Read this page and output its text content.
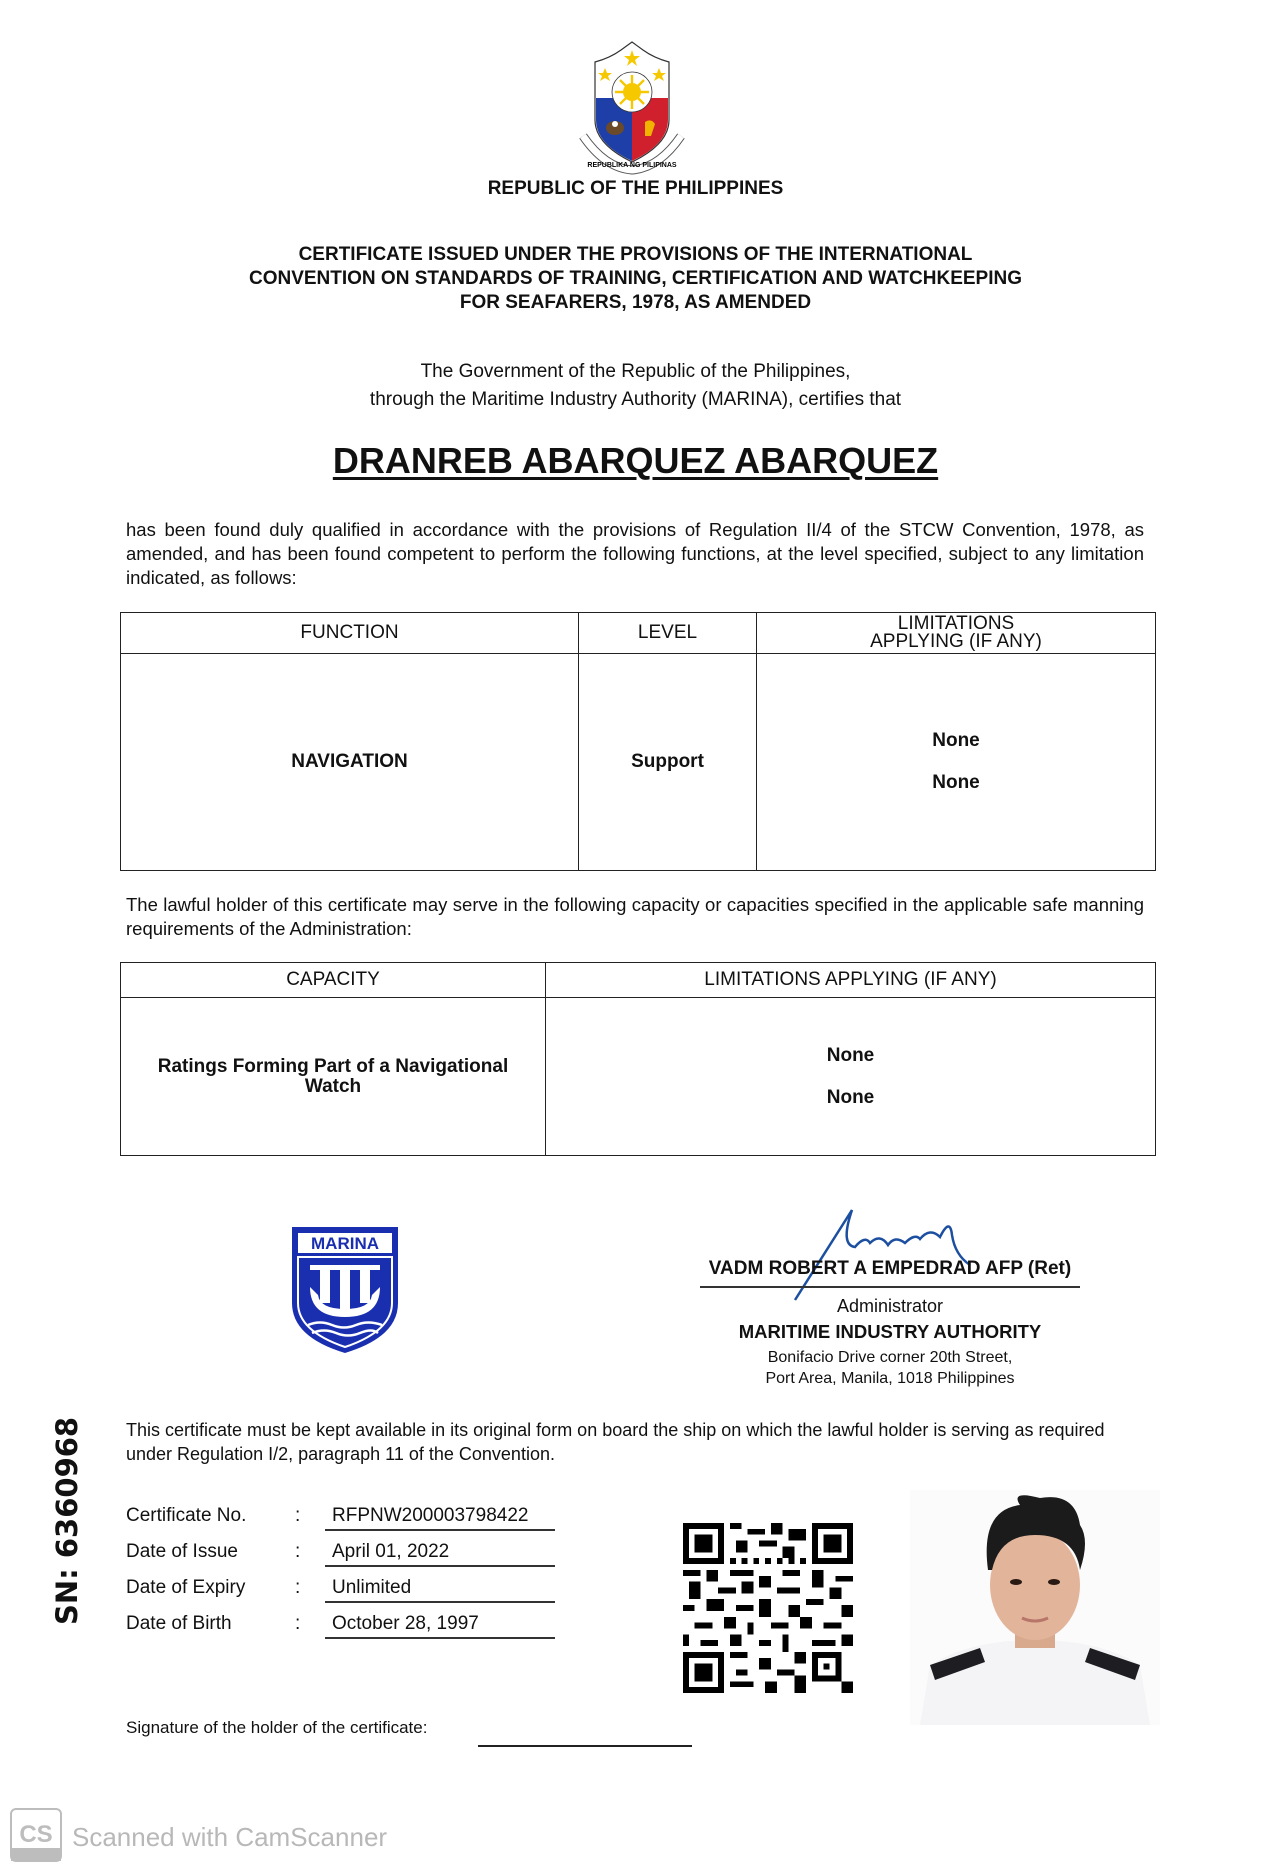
REPUBLIKA NG PILIPINAS
REPUBLIC OF THE PHILIPPINES
CERTIFICATE ISSUED UNDER THE PROVISIONS OF THE INTERNATIONAL
CONVENTION ON STANDARDS OF TRAINING, CERTIFICATION AND WATCHKEEPING
FOR SEAFARERS, 1978, AS AMENDED
The Government of the Republic of the Philippines,
through the Maritime Industry Authority (MARINA), certifies that
DRANREB ABARQUEZ ABARQUEZ
has been found duly qualified in accordance with the provisions of Regulation II/4 of the STCW Convention, 1978, as amended, and has been found competent to perform the following functions, at the level specified, subject to any limitation indicated, as follows:
FUNCTION	LEVEL	LIMITATIONS
APPLYING (IF ANY)

NAVIGATION	Support	None
None
The lawful holder of this certificate may serve in the following capacity or capacities specified in the applicable safe manning requirements of the Administration:
CAPACITY	LIMITATIONS APPLYING (IF ANY)
Ratings Forming Part of a Navigational Watch	None
None
MARINA
VADM ROBERT A EMPEDRAD AFP (Ret)
Administrator
MARITIME INDUSTRY AUTHORITY
Bonifacio Drive corner 20th Street,
Port Area, Manila, 1018 Philippines
SN: 6360968 This certificate must be kept available in its original form on board the ship on which the lawful holder is serving as required under Regulation I/2, paragraph 11 of the Convention.
Certificate No.	: RFPNW200003798422
Date of Issue	: April 01, 2022
Date of Expiry	: Unlimited
Date of Birth	: October 28, 1997
Signature of the holder of the certificate:
CS Scanned with CamScanner
